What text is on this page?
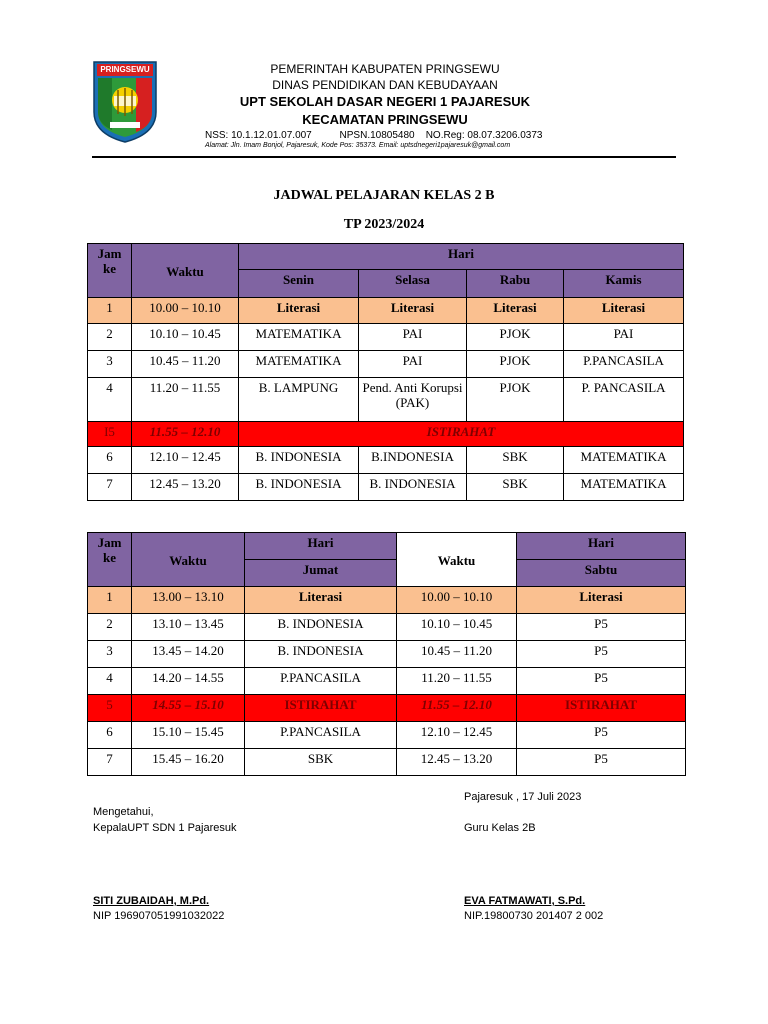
PRINGSEWU	PEMERINTAH KABUPATEN PRINGSEWU
DINAS PENDIDIKAN DAN KEBUDAYAAN
UPT SEKOLAH DASAR NEGERI 1 PAJARESUK
KECAMATAN PRINGSEWU
NSS: 10.1.12.01.07.007          NPSN.10805480    NO.Reg: 08.07.3206.0373
Alamat: Jln. Imam Bonjol, Pajaresuk, Kode Pos: 35373. Email: uptsdnegeri1pajaresuk@gmail.com
JADWAL PELAJARAN KELAS 2 B
TP 2023/2024
Jam ke	Waktu	Hari			
		Senin	Selasa	Rabu	Kamis
1	10.00 – 10.10	Literasi	Literasi	Literasi	Literasi
2	10.10 – 10.45	MATEMATIKA	PAI	PJOK	PAI
3	10.45 – 11.20	MATEMATIKA	PAI	PJOK	P.PANCASILA
4	11.20 – 11.55	B. LAMPUNG	Pend. Anti Korupsi (PAK)	PJOK	P. PANCASILA
I5	11.55 – 12.10	ISTIRAHAT			
6	12.10 – 12.45	B. INDONESIA	B.INDONESIA	SBK	MATEMATIKA
7	12.45 – 13.20	B. INDONESIA	B. INDONESIA	SBK	MATEMATIKA
Jam ke	Waktu	Hari	Waktu	Hari
		Jumat		Sabtu
1	13.00 – 13.10	Literasi	10.00 – 10.10	Literasi
2	13.10 – 13.45	B. INDONESIA	10.10 – 10.45	P5
3	13.45 – 14.20	B. INDONESIA	10.45 – 11.20	P5
4	14.20 – 14.55	P.PANCASILA	11.20 – 11.55	P5
5	14.55 – 15.10	ISTIRAHAT	11.55 – 12.10	ISTIRAHAT
6	15.10 – 15.45	P.PANCASILA	12.10 – 12.45	P5
7	15.45 – 16.20	SBK	12.45 – 13.20	P5
Pajaresuk , 17 Juli 2023
Mengetahui,
KepalaUPT SDN 1 Pajaresuk	Guru Kelas 2B
SITI ZUBAIDAH, M.Pd.
NIP 196907051991032022
EVA FATMAWATI, S.Pd.
NIP.19800730 201407 2 002
